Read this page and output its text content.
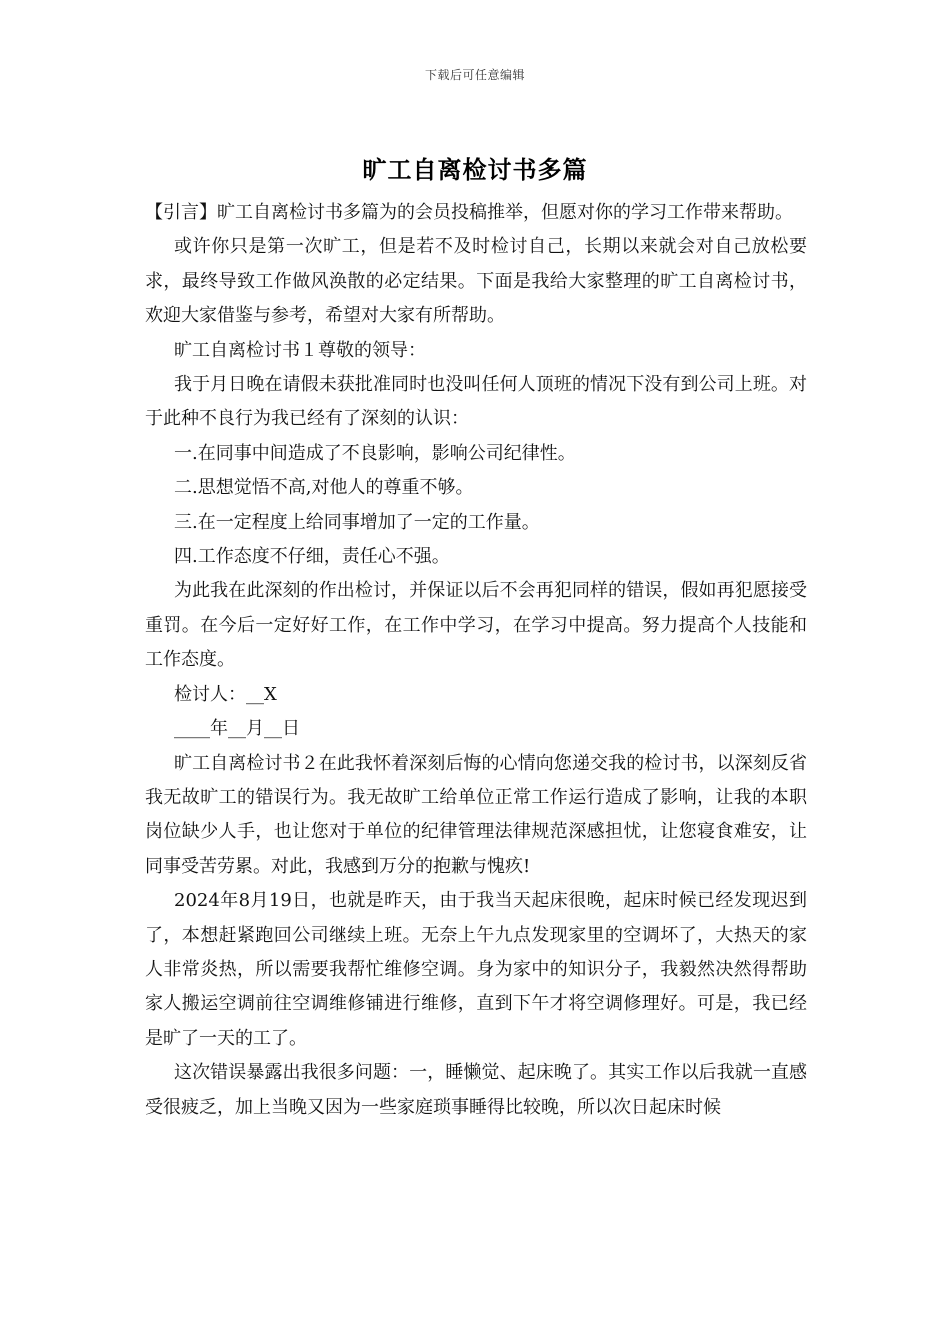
下载后可任意编辑
旷工自离检讨书多篇

【引言】旷工自离检讨书多篇为的会员投稿推举，但愿对你的学习工作带来帮助。

或许你只是第一次旷工，但是若不及时检讨自己，长期以来就会对自己放松要求，最终导致工作做风涣散的必定结果。下面是我给大家整理的旷工自离检讨书，欢迎大家借鉴与参考，希望对大家有所帮助。

旷工自离检讨书１尊敬的领导：

我于月日晚在请假未获批准同时也没叫任何人顶班的情况下没有到公司上班。对于此种不良行为我已经有了深刻的认识：

一.在同事中间造成了不良影响，影响公司纪律性。

二.思想觉悟不高,对他人的尊重不够。

三.在一定程度上给同事增加了一定的工作量。

四.工作态度不仔细，责任心不强。

为此我在此深刻的作出检讨，并保证以后不会再犯同样的错误，假如再犯愿接受重罚。在今后一定好好工作，在工作中学习，在学习中提高。努力提高个人技能和工作态度。

检讨人：__X

____年__月__日

旷工自离检讨书２在此我怀着深刻后悔的心情向您递交我的检讨书，以深刻反省我无故旷工的错误行为。我无故旷工给单位正常工作运行造成了影响，让我的本职岗位缺少人手，也让您对于单位的纪律管理法律规范深感担忧，让您寝食难安，让同事受苦劳累。对此，我感到万分的抱歉与愧疚!

2024年8月19日，也就是昨天，由于我当天起床很晚，起床时候已经发现迟到了，本想赶紧跑回公司继续上班。无奈上午九点发现家里的空调坏了，大热天的家人非常炎热，所以需要我帮忙维修空调。身为家中的知识分子，我毅然决然得帮助家人搬运空调前往空调维修铺进行维修，直到下午才将空调修理好。可是，我已经是旷了一天的工了。

这次错误暴露出我很多问题：一，睡懒觉、起床晚了。其实工作以后我就一直感受很疲乏，加上当晚又因为一些家庭琐事睡得比较晚，所以次日起床时候
